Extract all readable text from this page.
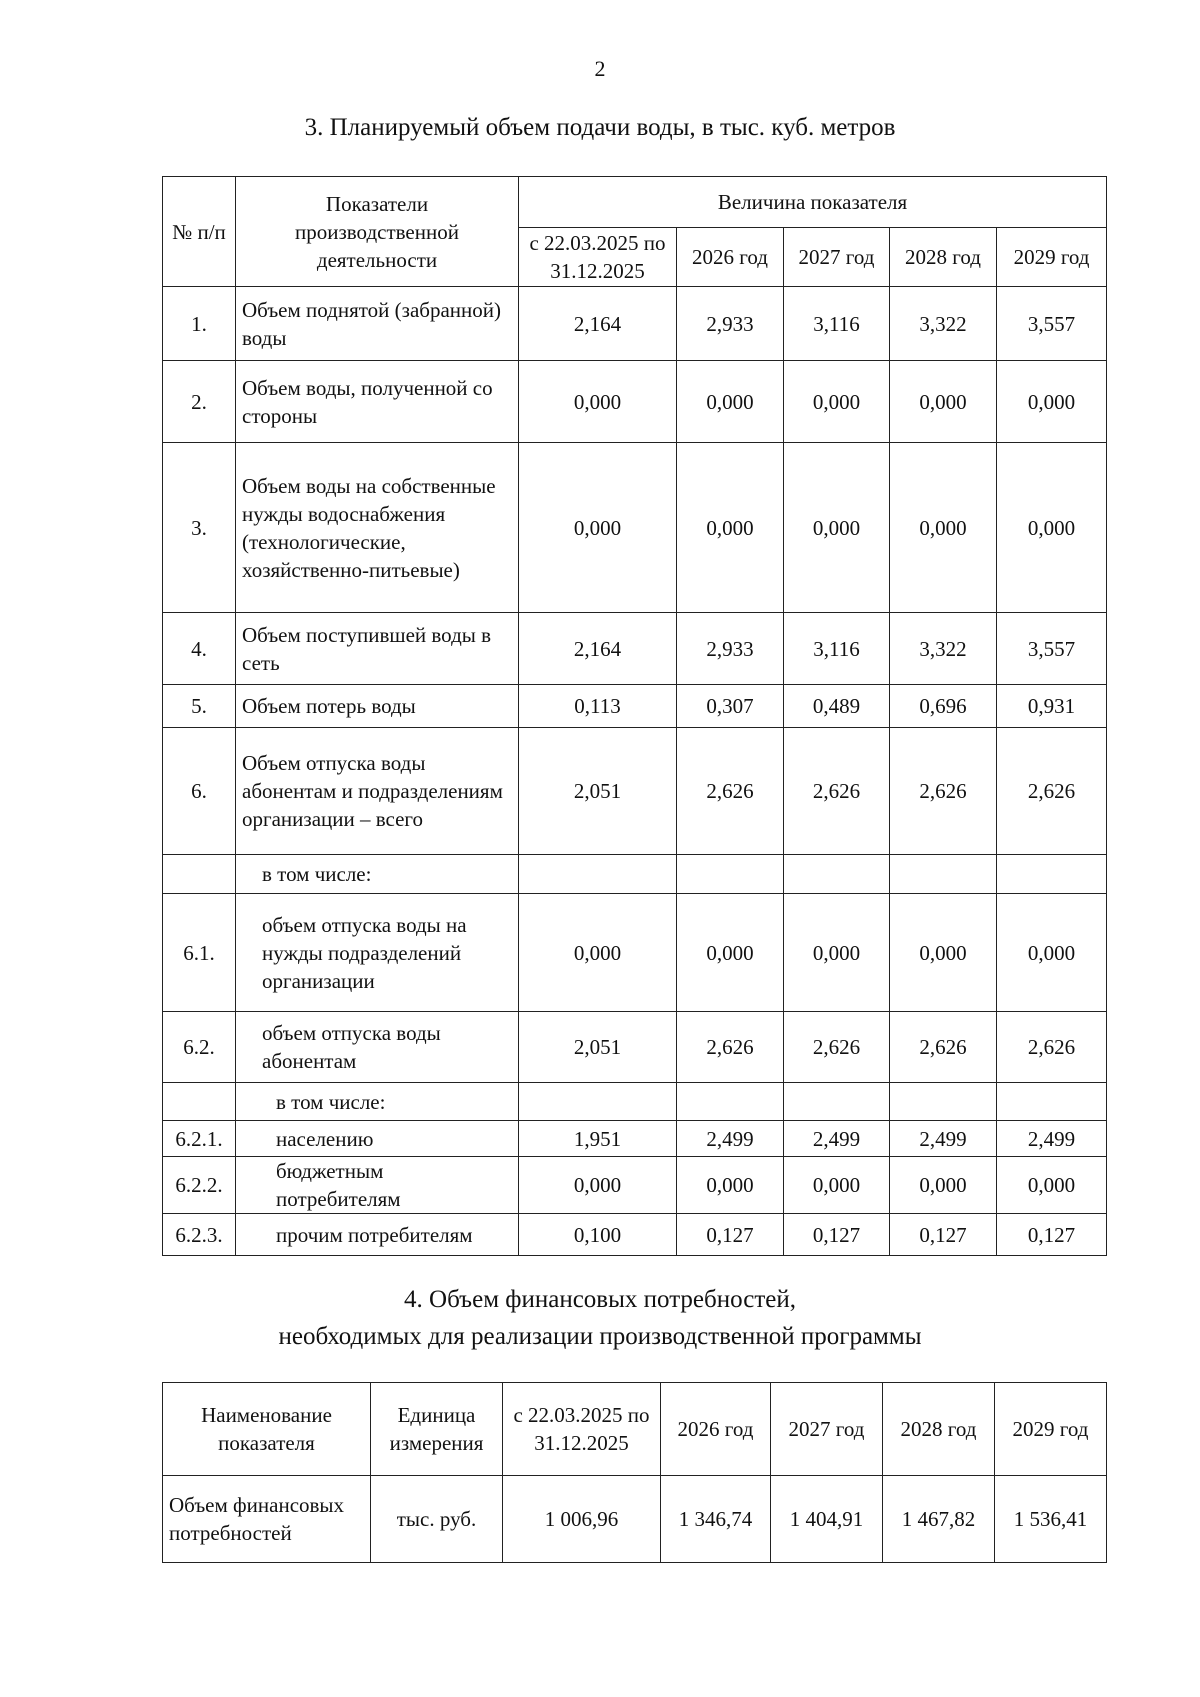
2
3. Планируемый объем подачи воды, в тыс. куб. метров
№ п/п	Показатели производственной деятельности	Величина показателя				
		с 22.03.2025 по 31.12.2025	2026 год	2027 год	2028 год	2029 год
1.	Объем поднятой (забранной) воды	2,164	2,933	3,116	3,322	3,557
2.	Объем воды, полученной со стороны	0,000	0,000	0,000	0,000	0,000
3.	Объем воды на собственные нужды водоснабжения (технологические, хозяйственно-питьевые)	0,000	0,000	0,000	0,000	0,000
4.	Объем поступившей воды в сеть	2,164	2,933	3,116	3,322	3,557
5.	Объем потерь воды	0,113	0,307	0,489	0,696	0,931
6.	Объем отпуска воды абонентам и подразделениям организации – всего	2,051	2,626	2,626	2,626	2,626
	в том числе:					
6.1.	объем отпуска воды на нужды подразделений организации	0,000	0,000	0,000	0,000	0,000
6.2.	объем отпуска воды абонентам	2,051	2,626	2,626	2,626	2,626
	в том числе:					
6.2.1.	населению	1,951	2,499	2,499	2,499	2,499
6.2.2.	бюджетным потребителям	0,000	0,000	0,000	0,000	0,000
6.2.3.	прочим потребителям	0,100	0,127	0,127	0,127	0,127
4. Объем финансовых потребностей,
необходимых для реализации производственной программы
Наименование показателя	Единица измерения	с 22.03.2025 по 31.12.2025	2026 год	2027 год	2028 год	2029 год
Объем финансовых потребностей	тыс. руб.	1 006,96	1 346,74	1 404,91	1 467,82	1 536,41
